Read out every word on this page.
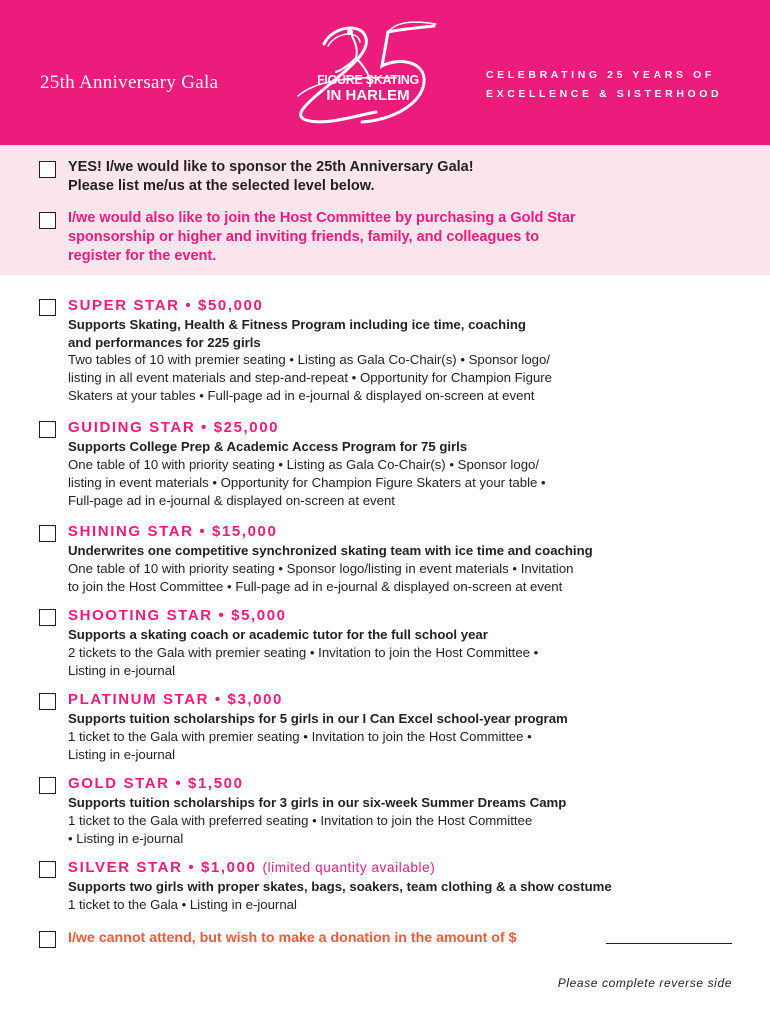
25th Anniversary Gala	FIGURE SKATING
IN HARLEM
CELEBRATING 25 YEARS OF
EXCELLENCE & SISTERHOOD
YES! I/we would like to sponsor the 25th Anniversary Gala!
Please list me/us at the selected level below.
I/we would also like to join the Host Committee by purchasing a Gold Star
sponsorship or higher and inviting friends, family, and colleagues to
register for the event.
SUPER STAR • $50,000
Supports Skating, Health & Fitness Program including ice time, coaching
and performances for 225 girls
Two tables of 10 with premier seating • Listing as Gala Co-Chair(s) • Sponsor logo/
listing in all event materials and step-and-repeat • Opportunity for Champion Figure
Skaters at your tables • Full-page ad in e-journal & displayed on-screen at event
GUIDING STAR • $25,000
Supports College Prep & Academic Access Program for 75 girls
One table of 10 with priority seating • Listing as Gala Co-Chair(s) • Sponsor logo/
listing in event materials • Opportunity for Champion Figure Skaters at your table •
Full-page ad in e-journal & displayed on-screen at event
SHINING STAR • $15,000
Underwrites one competitive synchronized skating team with ice time and coaching
One table of 10 with priority seating • Sponsor logo/listing in event materials • Invitation
to join the Host Committee • Full-page ad in e-journal & displayed on-screen at event
SHOOTING STAR • $5,000
Supports a skating coach or academic tutor for the full school year
2 tickets to the Gala with premier seating • Invitation to join the Host Committee •
Listing in e-journal
PLATINUM STAR • $3,000
Supports tuition scholarships for 5 girls in our I Can Excel school-year program
1 ticket to the Gala with premier seating • Invitation to join the Host Committee •
Listing in e-journal
GOLD STAR • $1,500
Supports tuition scholarships for 3 girls in our six-week Summer Dreams Camp
1 ticket to the Gala with preferred seating • Invitation to join the Host Committee
• Listing in e-journal
SILVER STAR • $1,000 (limited quantity available)
Supports two girls with proper skates, bags, soakers, team clothing & a show costume
1 ticket to the Gala • Listing in e-journal
I/we cannot attend, but wish to make a donation in the amount of $
Please complete reverse side
